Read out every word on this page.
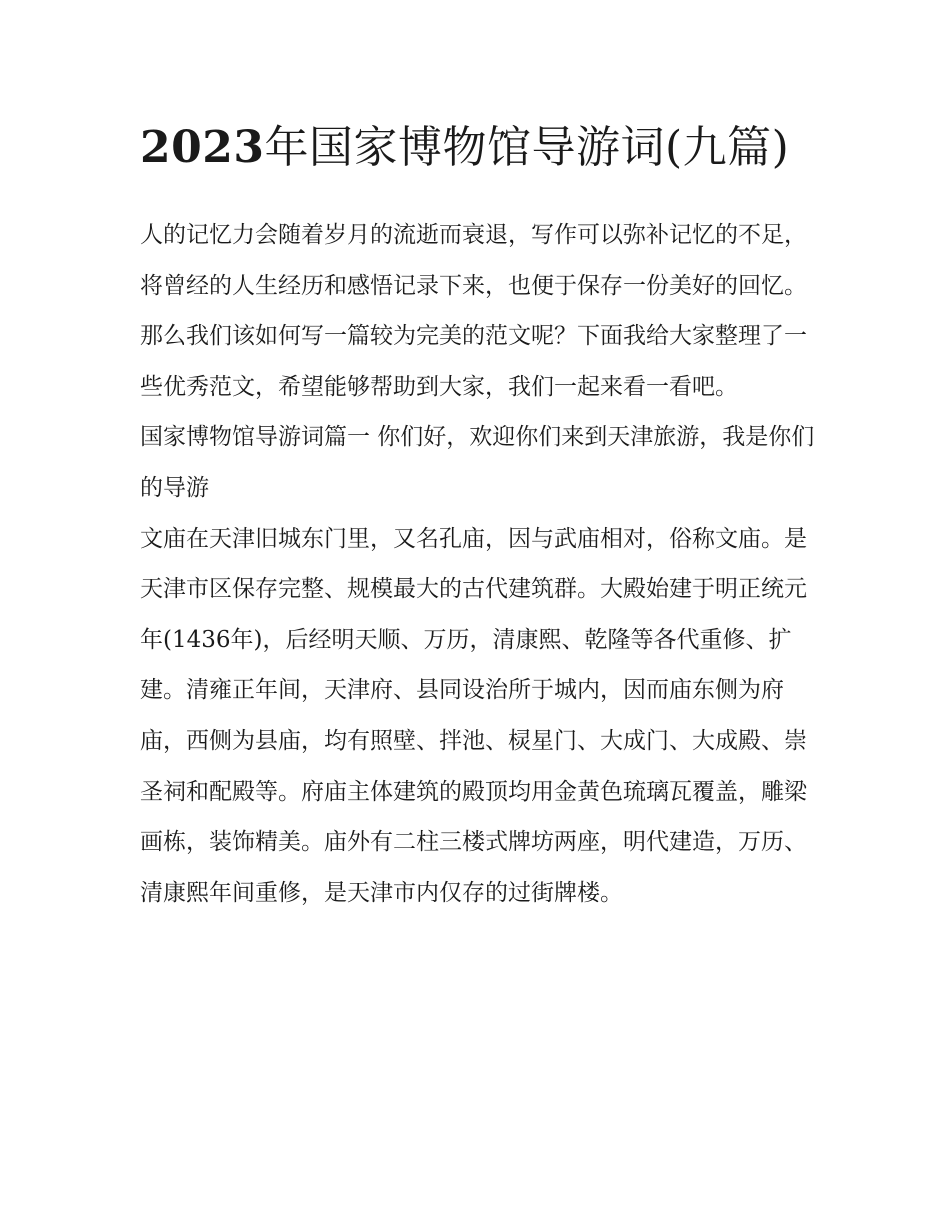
2023年国家博物馆导游词(九篇)

人的记忆力会随着岁月的流逝而衰退，写作可以弥补记忆的不足，将曾经的人生经历和感悟记录下来，也便于保存一份美好的回忆。那么我们该如何写一篇较为完美的范文呢？下面我给大家整理了一些优秀范文，希望能够帮助到大家，我们一起来看一看吧。

国家博物馆导游词篇一 你们好，欢迎你们来到天津旅游，我是你们的导游

文庙在天津旧城东门里，又名孔庙，因与武庙相对，俗称文庙。是天津市区保存完整、规模最大的古代建筑群。大殿始建于明正统元年(1436年)，后经明天顺、万历，清康熙、乾隆等各代重修、扩建。清雍正年间，天津府、县同设治所于城内，因而庙东侧为府庙，西侧为县庙，均有照壁、拌池、棂星门、大成门、大成殿、崇圣祠和配殿等。府庙主体建筑的殿顶均用金黄色琉璃瓦覆盖，雕梁画栋，装饰精美。庙外有二柱三楼式牌坊两座，明代建造，万历、清康熙年间重修，是天津市内仅存的过街牌楼。
